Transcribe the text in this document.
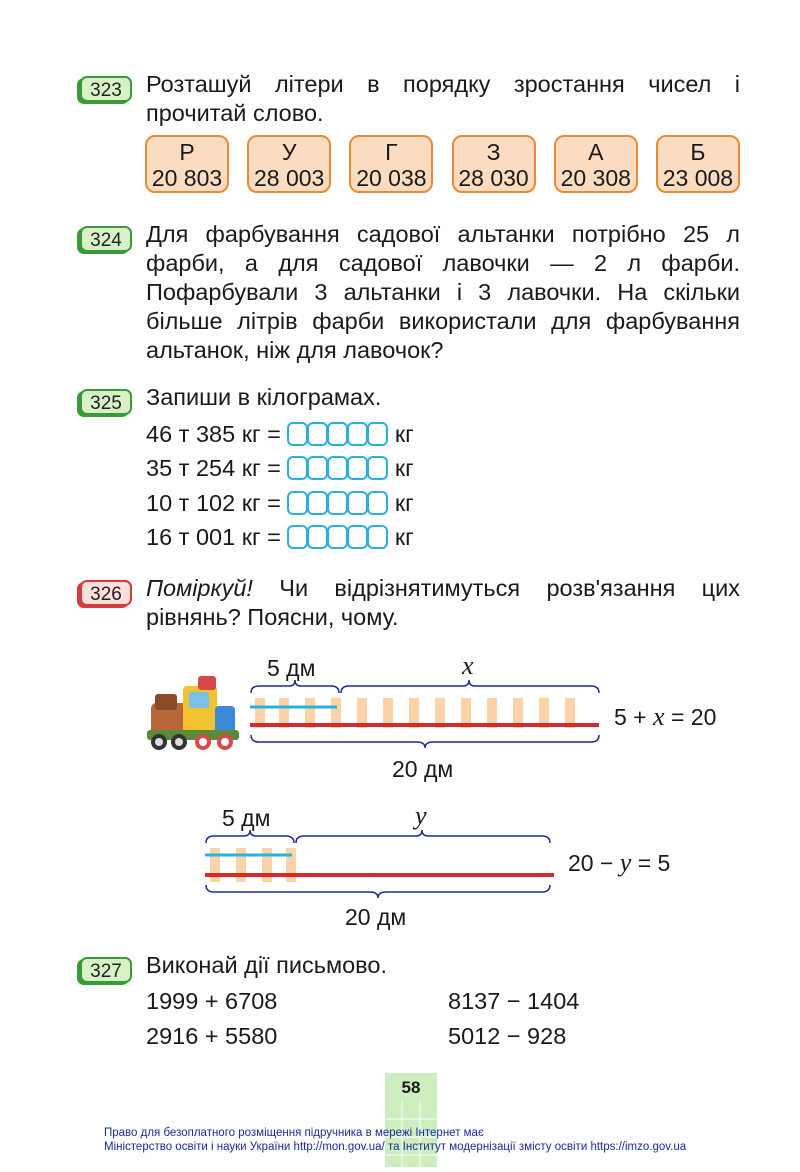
323	Розташуй літери в порядку зростання чисел і прочитай слово.
Р
20 803
У
28 003
Г
20 038
З
28 030
А
20 308
Б
23 008
324	Для фарбування садової альтанки потрібно 25 л фарби, а для садової лавочки — 2 л фарби. Пофарбували 3 альтанки і 3 лавочки. На скільки більше літрів фарби використали для фарбування альтанок, ніж для лавочок?
325	Запиши в кілограмах.
46 т 385 кг =	кг
35 т 254 кг =	кг
10 т 102 кг =	кг
16 т 001 кг =	кг
326	Поміркуй! Чи відрізнятимуться розв'язання цих рівнянь? Поясни, чому.
5 дм	x
20 дм
5 + x = 20
5 дм	y
20 дм
20 − y = 5
327	Виконай дії письмово.
1999 + 6708	8137 − 1404
2916 + 5580	5012 − 928
58
Право для безоплатного розміщення підручника в мережі Інтернет має
Міністерство освіти і науки України http://mon.gov.ua/ та Інститут модернізації змісту освіти https://imzo.gov.ua
